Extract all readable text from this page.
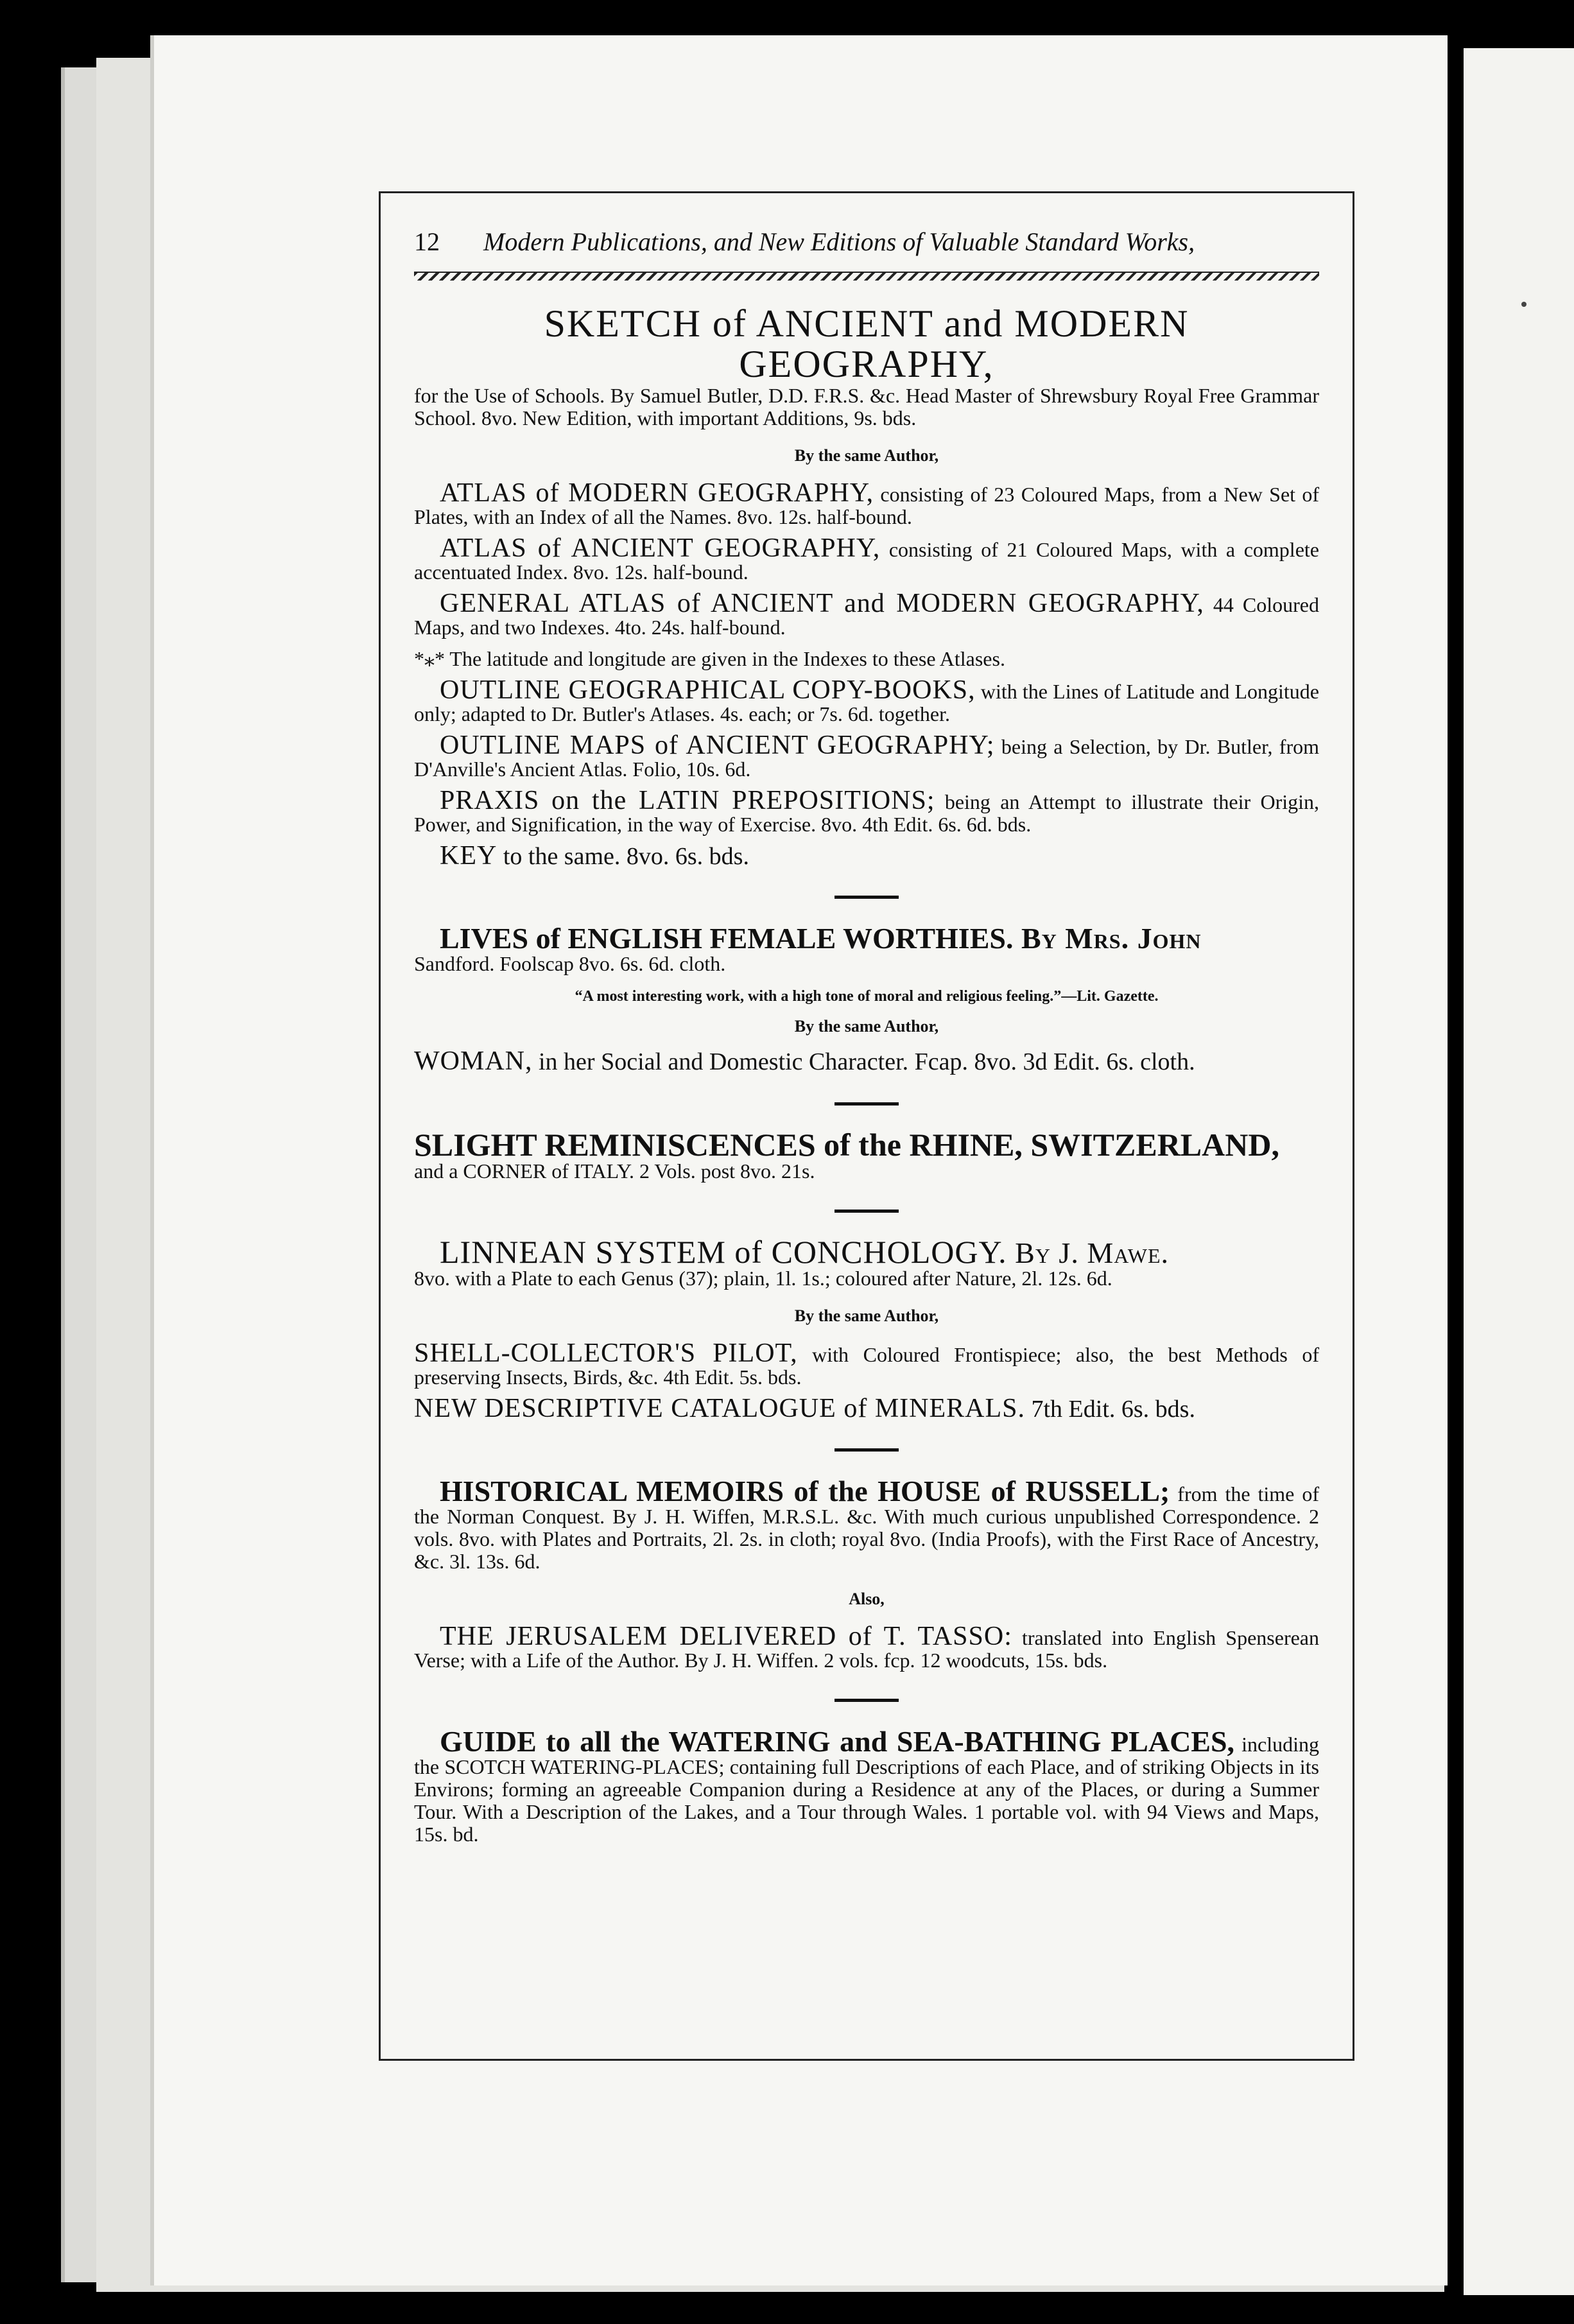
12 Modern Publications, and New Editions of Valuable Standard Works,

SKETCH of ANCIENT and MODERN GEOGRAPHY,

for the Use of Schools. By Samuel Butler, D.D. F.R.S. &c. Head Master of Shrewsbury Royal Free Grammar School. 8vo. New Edition, with important Additions, 9s. bds.

By the same Author,

ATLAS of MODERN GEOGRAPHY, consisting of 23 Coloured Maps, from a New Set of Plates, with an Index of all the Names. 8vo. 12s. half-bound.

ATLAS of ANCIENT GEOGRAPHY, consisting of 21 Coloured Maps, with a complete accentuated Index. 8vo. 12s. half-bound.

GENERAL ATLAS of ANCIENT and MODERN GEOGRAPHY, 44 Coloured Maps, and two Indexes. 4to. 24s. half-bound.

*⁎* The latitude and longitude are given in the Indexes to these Atlases.

OUTLINE GEOGRAPHICAL COPY-BOOKS, with the Lines of Latitude and Longitude only; adapted to Dr. Butler's Atlases. 4s. each; or 7s. 6d. together.

OUTLINE MAPS of ANCIENT GEOGRAPHY; being a Selection, by Dr. Butler, from D'Anville's Ancient Atlas. Folio, 10s. 6d.

PRAXIS on the LATIN PREPOSITIONS; being an Attempt to illustrate their Origin, Power, and Signification, in the way of Exercise. 8vo. 4th Edit. 6s. 6d. bds.

KEY to the same. 8vo. 6s. bds.

LIVES of ENGLISH FEMALE WORTHIES. By Mrs. John

Sandford. Foolscap 8vo. 6s. 6d. cloth.

“A most interesting work, with a high tone of moral and religious feeling.”—Lit. Gazette.
By the same Author,

WOMAN, in her Social and Domestic Character. Fcap. 8vo. 3d Edit. 6s. cloth.

SLIGHT REMINISCENCES of the RHINE, SWITZERLAND,

and a CORNER of ITALY. 2 Vols. post 8vo. 21s.

LINNEAN SYSTEM of CONCHOLOGY. By J. Mawe.

8vo. with a Plate to each Genus (37); plain, 1l. 1s.; coloured after Nature, 2l. 12s. 6d.

By the same Author,

SHELL-COLLECTOR'S PILOT, with Coloured Frontispiece; also, the best Methods of preserving Insects, Birds, &c. 4th Edit. 5s. bds.

NEW DESCRIPTIVE CATALOGUE of MINERALS. 7th Edit. 6s. bds.

HISTORICAL MEMOIRS of the HOUSE of RUSSELL; from the time of the Norman Conquest. By J. H. Wiffen, M.R.S.L. &c. With much curious unpublished Correspondence. 2 vols. 8vo. with Plates and Portraits, 2l. 2s. in cloth; royal 8vo. (India Proofs), with the First Race of Ancestry, &c. 3l. 13s. 6d.

Also,

THE JERUSALEM DELIVERED of T. TASSO: translated into English Spenserean Verse; with a Life of the Author. By J. H. Wiffen. 2 vols. fcp. 12 woodcuts, 15s. bds.

GUIDE to all the WATERING and SEA-BATHING PLACES, including the SCOTCH WATERING-PLACES; containing full Descriptions of each Place, and of striking Objects in its Environs; forming an agreeable Companion during a Residence at any of the Places, or during a Summer Tour. With a Description of the Lakes, and a Tour through Wales. 1 portable vol. with 94 Views and Maps, 15s. bd.
